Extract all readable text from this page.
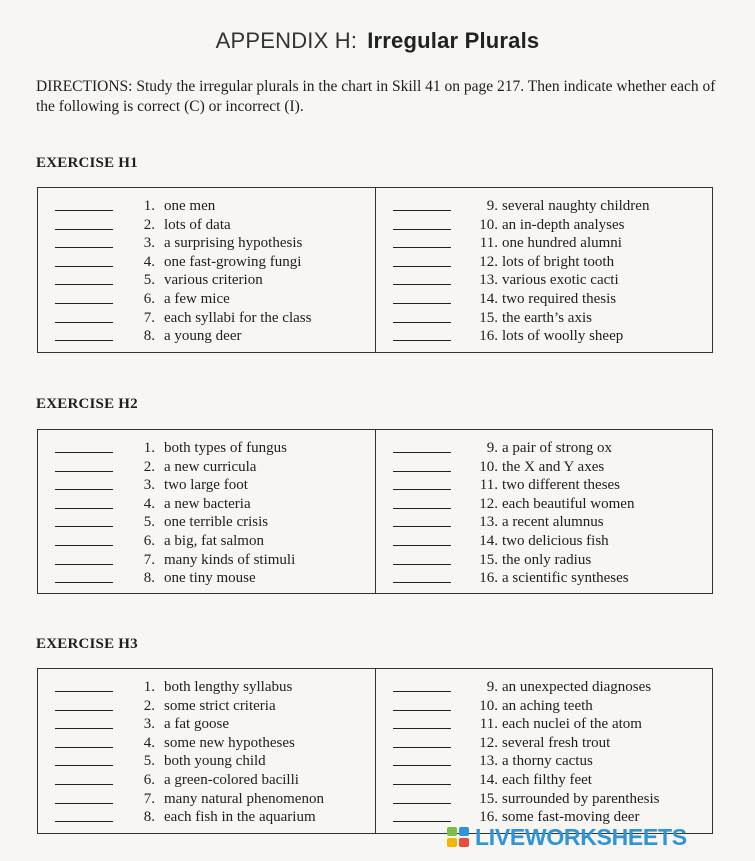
APPENDIX H: Irregular Plurals
DIRECTIONS: Study the irregular plurals in the chart in Skill 41 on page 217. Then indicate whether each of the following is correct (C) or incorrect (I).
EXERCISE H1
1. one men
2. lots of data
3. a surprising hypothesis
4. one fast-growing fungi
5. various criterion
6. a few mice
7. each syllabi for the class
8. a young deer
9. several naughty children
10. an in-depth analyses
11. one hundred alumni
12. lots of bright tooth
13. various exotic cacti
14. two required thesis
15. the earth’s axis
16. lots of woolly sheep
EXERCISE H2
1. both types of fungus
2. a new curricula
3. two large foot
4. a new bacteria
5. one terrible crisis
6. a big, fat salmon
7. many kinds of stimuli
8. one tiny mouse
9. a pair of strong ox
10. the X and Y axes
11. two different theses
12. each beautiful women
13. a recent alumnus
14. two delicious fish
15. the only radius
16. a scientific syntheses
EXERCISE H3
1. both lengthy syllabus
2. some strict criteria
3. a fat goose
4. some new hypotheses
5. both young child
6. a green-colored bacilli
7. many natural phenomenon
8. each fish in the aquarium
9. an unexpected diagnoses
10. an aching teeth
11. each nuclei of the atom
12. several fresh trout
13. a thorny cactus
14. each filthy feet
15. surrounded by parenthesis
16. some fast-moving deer
LIVEWORKSHEETS
